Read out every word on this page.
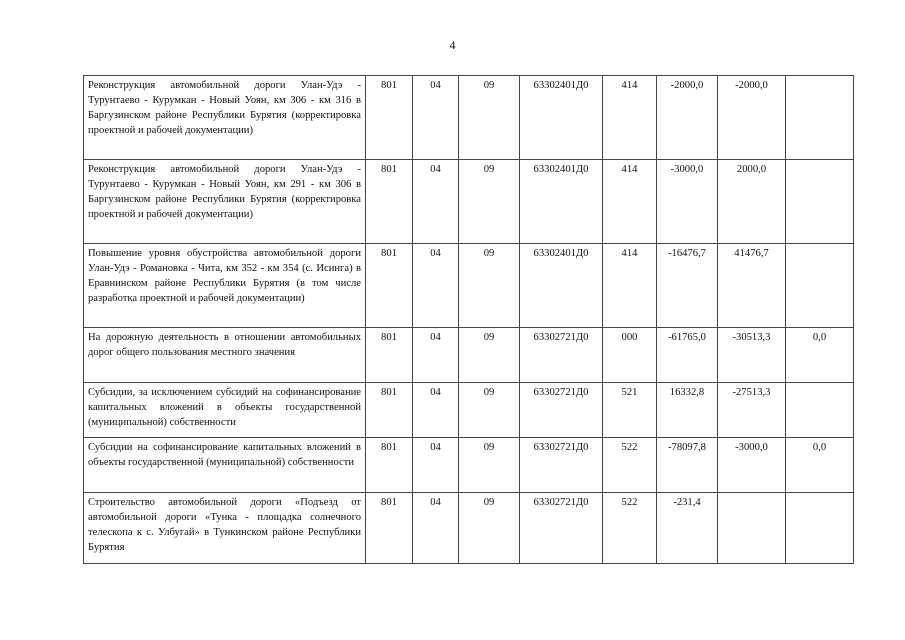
4
Реконструкция автомобильной дороги Улан-Удэ - Турунтаево - Курумкан - Новый Уоян, км 306 - км 316 в Баргузинском районе Республики Бурятия (корректировка проектной и рабочей документации)	801	04	09	63302401Д0	414	-2000,0	-2000,0	
Реконструкция автомобильной дороги Улан-Удэ - Турунтаево - Курумкан - Новый Уоян, км 291 - км 306 в Баргузинском районе Республики Бурятия (корректировка проектной и рабочей документации)	801	04	09	63302401Д0	414	-3000,0	2000,0	
Повышение уровня обустройства автомобильной дороги Улан-Удэ - Романовка - Чита, км 352 - км 354 (с. Исинга) в Еравнинском районе Республики Бурятия (в том числе разработка проектной и рабочей документации)	801	04	09	63302401Д0	414	-16476,7	41476,7	
На дорожную деятельность в отношении автомобильных дорог общего пользования местного значения	801	04	09	63302721Д0	000	-61765,0	-30513,3	0,0
Субсидии, за исключением субсидий на софинансирование капитальных вложений в объекты государственной (муниципальной) собственности	801	04	09	63302721Д0	521	16332,8	-27513,3	
Субсидии на софинансирование капитальных вложений в объекты государственной (муниципальной) собственности	801	04	09	63302721Д0	522	-78097,8	-3000,0	0,0
Строительство автомобильной дороги «Подъезд от автомобильной дороги «Тунка - площадка солнечного телескопа к с. Улбугай» в Тункинском районе Республики Бурятия	801	04	09	63302721Д0	522	-231,4		
